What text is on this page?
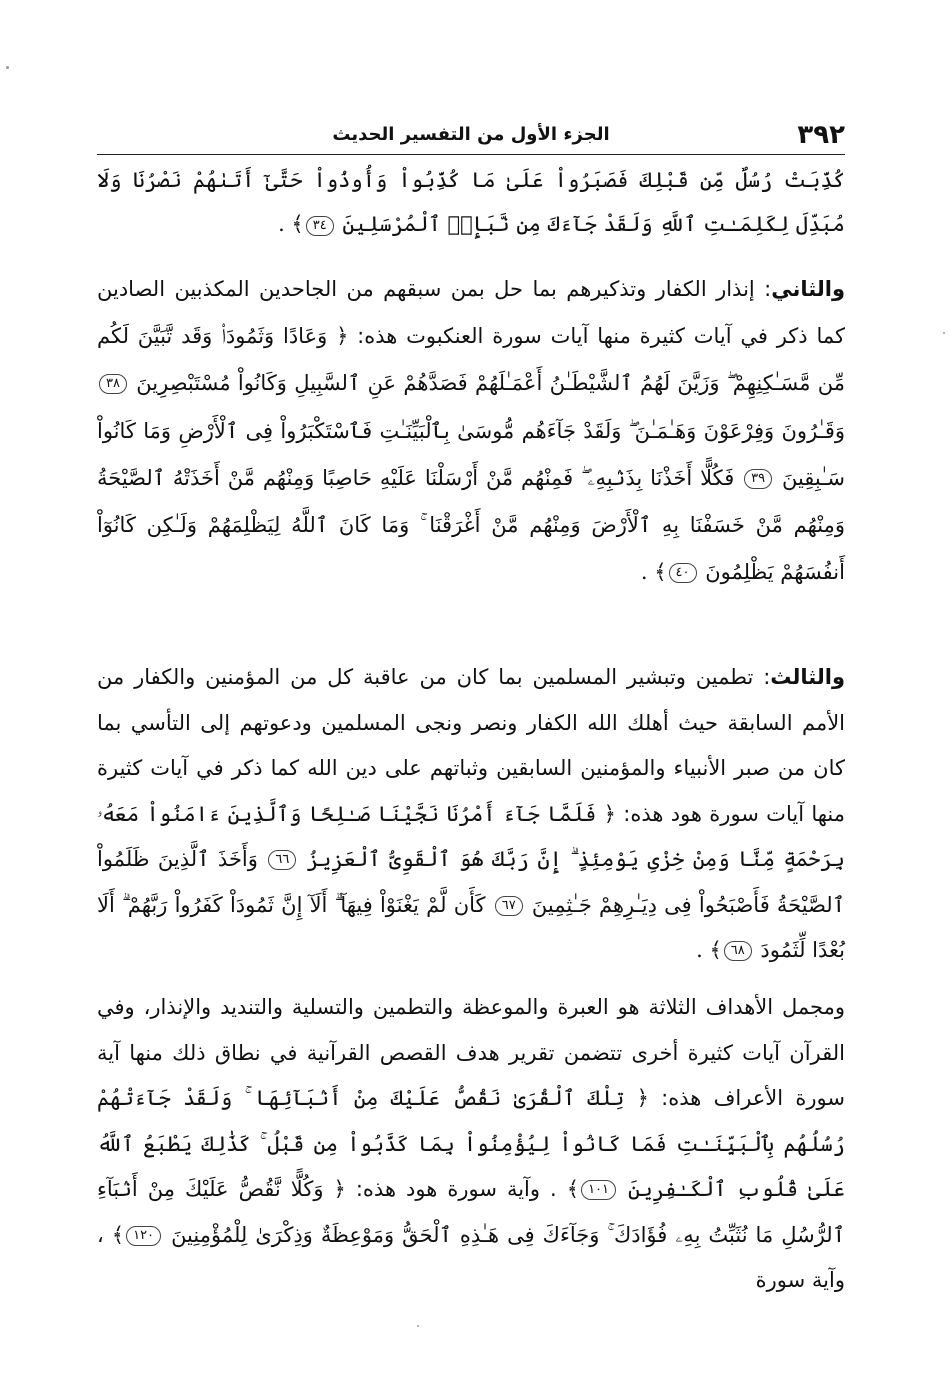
٣٩٢
الجزء الأول من التفسير الحديث
كُذِّبَتْ رُسُلٌ مِّن قَبْلِكَ فَصَبَرُواْ عَلَىٰ مَا كُذِّبُواْ وَأُوذُواْ حَتَّىٰٓ أَتَىٰهُمْ نَصْرُنَا وَلَا مُبَدِّلَ لِكَلِمَـٰتِ ٱللَّهِ وَلَقَدْ جَآءَكَ مِن نَّبَإِى۟ ٱلْمُرْسَلِينَ ٣٤﴾ .
والثاني: إنذار الكفار وتذكيرهم بما حل بمن سبقهم من الجاحدين المكذبين الصادين كما ذكر في آيات كثيرة منها آيات سورة العنكبوت هذه: ﴿ وَعَادًا وَثَمُودَا۟ وَقَد تَّبَيَّنَ لَكُم مِّن مَّسَـٰكِنِهِمْ ۖ وَزَيَّنَ لَهُمُ ٱلشَّيْطَـٰنُ أَعْمَـٰلَهُمْ فَصَدَّهُمْ عَنِ ٱلسَّبِيلِ وَكَانُواْ مُسْتَبْصِرِينَ ٣٨ وَقَـٰرُونَ وَفِرْعَوْنَ وَهَـٰمَـٰنَ ۖ وَلَقَدْ جَآءَهُم مُّوسَىٰ بِٱلْبَيِّنَـٰتِ فَٱسْتَكْبَرُواْ فِى ٱلْأَرْضِ وَمَا كَانُواْ سَـٰبِقِينَ ٣٩ فَكُلًّا أَخَذْنَا بِذَنۢبِهِۦ ۖ فَمِنْهُم مَّنْ أَرْسَلْنَا عَلَيْهِ حَاصِبًا وَمِنْهُم مَّنْ أَخَذَتْهُ ٱلصَّيْحَةُ وَمِنْهُم مَّنْ خَسَفْنَا بِهِ ٱلْأَرْضَ وَمِنْهُم مَّنْ أَغْرَقْنَا ۚ وَمَا كَانَ ٱللَّهُ لِيَظْلِمَهُمْ وَلَـٰكِن كَانُوٓاْ أَنفُسَهُمْ يَظْلِمُونَ ٤٠﴾ .
والثالث: تطمين وتبشير المسلمين بما كان من عاقبة كل من المؤمنين والكفار من الأمم السابقة حيث أهلك الله الكفار ونصر ونجى المسلمين ودعوتهم إلى التأسي بما كان من صبر الأنبياء والمؤمنين السابقين وثباتهم على دين الله كما ذكر في آيات كثيرة منها آيات سورة هود هذه: ﴿ فَلَمَّا جَآءَ أَمْرُنَا نَجَّيْنَا صَـٰلِحًا وَٱلَّذِينَ ءَامَنُواْ مَعَهُۥ بِرَحْمَةٍ مِّنَّا وَمِنْ خِزْىِ يَوْمِئِذٍ ۗ إِنَّ رَبَّكَ هُوَ ٱلْقَوِىُّ ٱلْعَزِيزُ ٦٦ وَأَخَذَ ٱلَّذِينَ ظَلَمُواْ ٱلصَّيْحَةُ فَأَصْبَحُواْ فِى دِيَـٰرِهِمْ جَـٰثِمِينَ ٦٧ كَأَن لَّمْ يَغْنَوْاْ فِيهَآ ۗ أَلَآ إِنَّ ثَمُودَاْ كَفَرُواْ رَبَّهُمْ ۗ أَلَا بُعْدًا لِّثَمُودَ ٦٨﴾ .
ومجمل الأهداف الثلاثة هو العبرة والموعظة والتطمين والتسلية والتنديد والإنذار، وفي القرآن آيات كثيرة أخرى تتضمن تقرير هدف القصص القرآنية في نطاق ذلك منها آية سورة الأعراف هذه: ﴿ تِلْكَ ٱلْقُرَىٰ نَقُصُّ عَلَيْكَ مِنْ أَنۢبَآئِهَا ۚ وَلَقَدْ جَآءَتْهُمْ رُسُلُهُم بِٱلْبَيِّنَـٰتِ فَمَا كَانُواْ لِيُؤْمِنُواْ بِمَا كَذَّبُواْ مِن قَبْلُ ۚ كَذَٰلِكَ يَطْبَعُ ٱللَّهُ عَلَىٰ قُلُوبِ ٱلْكَـٰفِرِينَ ١٠١﴾ . وآية سورة هود هذه: ﴿ وَكُلًّا نَّقُصُّ عَلَيْكَ مِنْ أَنۢبَآءِ ٱلرُّسُلِ مَا نُثَبِّتُ بِهِۦ فُؤَادَكَ ۚ وَجَآءَكَ فِى هَـٰذِهِ ٱلْحَقُّ وَمَوْعِظَةٌ وَذِكْرَىٰ لِلْمُؤْمِنِينَ ١٢٠﴾ ، وآية سورة
